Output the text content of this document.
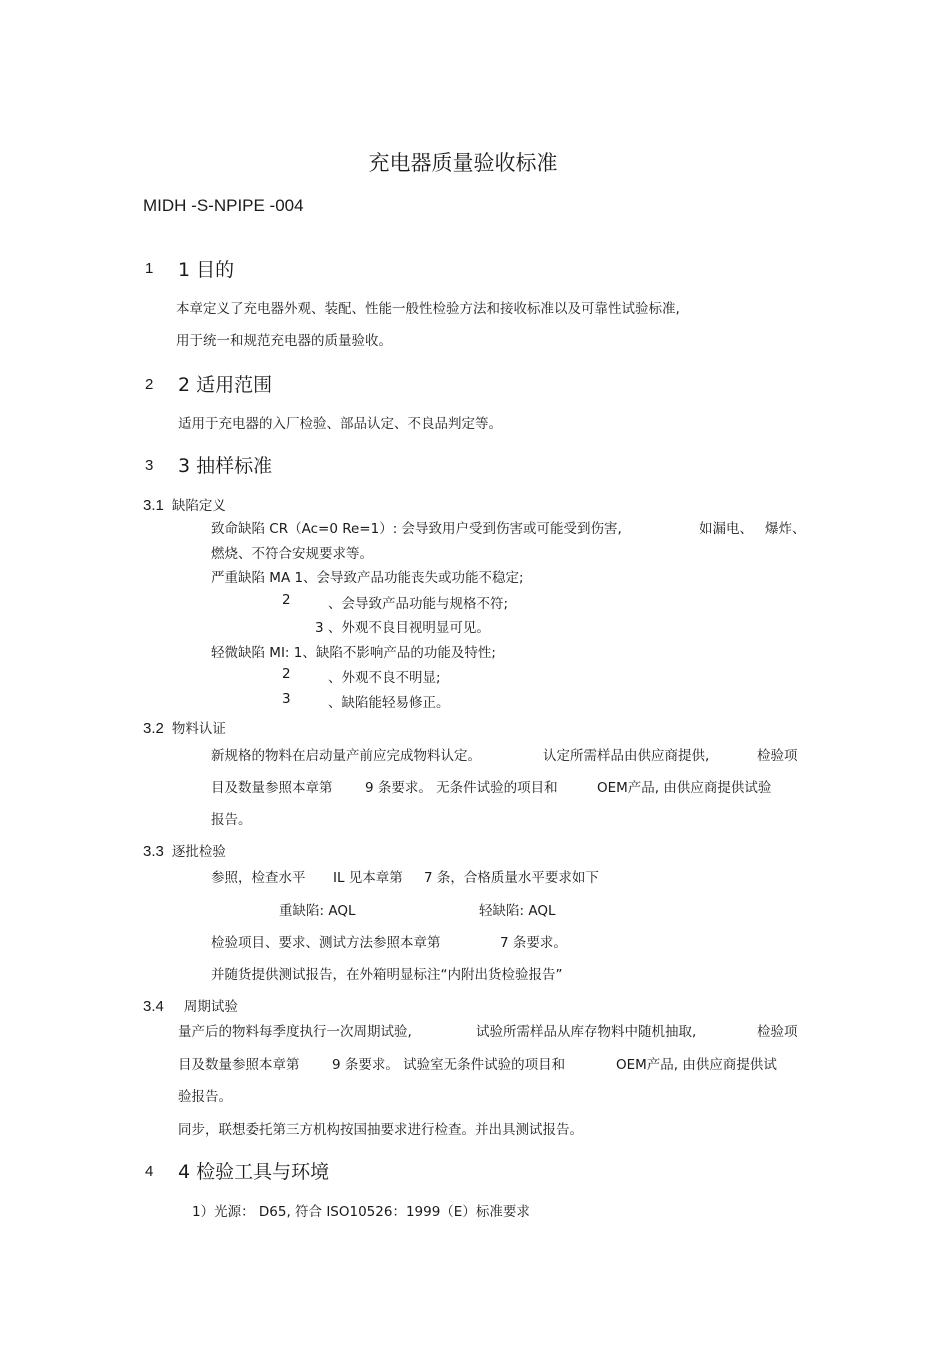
充电器质量验收标准
MIDH -S-NPIPE -004
1 1 目的
本章定义了充电器外观、装配、性能一般性检验方法和接收标准以及可靠性试验标准,
用于统一和规范充电器的质量验收。
2 2 适用范围
适用于充电器的入厂检验、部品认定、不良品判定等。
3 3 抽样标准
3.1 缺陷定义
致命缺陷 CR（Ac=0 Re=1）: 会导致用户受到伤害或可能受到伤害,	如漏电、 爆炸、
燃烧、不符合安规要求等。
严重缺陷 MA 1、会导致产品功能丧失或功能不稳定;
2	、会导致产品功能与规格不符;
3 、外观不良目视明显可见。
轻微缺陷 MI: 1、缺陷不影响产品的功能及特性;
2	、外观不良不明显;
3	、缺陷能轻易修正。
3.2 物料认证
新规格的物料在启动量产前应完成物料认定。	认定所需样品由供应商提供,	检验项
目及数量参照本章第 9 条要求。 无条件试验的项目和	OEM产品, 由供应商提供试验
报告。
3.3 逐批检验
参照，检查水平 IL 见本章第 7 条，合格质量水平要求如下
重缺陷: AQL	轻缺陷: AQL
检验项目、要求、测试方法参照本章第	7 条要求。
并随货提供测试报告，在外箱明显标注“内附出货检验报告”
3.4 周期试验
量产后的物料每季度执行一次周期试验,	试验所需样品从库存物料中随机抽取,	检验项
目及数量参照本章第 9 条要求。 试验室无条件试验的项目和	OEM产品, 由供应商提供试
验报告。
同步，联想委托第三方机构按国抽要求进行检查。并出具测试报告。
4 4 检验工具与环境
1）光源： D65, 符合 ISO10526：1999（E）标准要求
